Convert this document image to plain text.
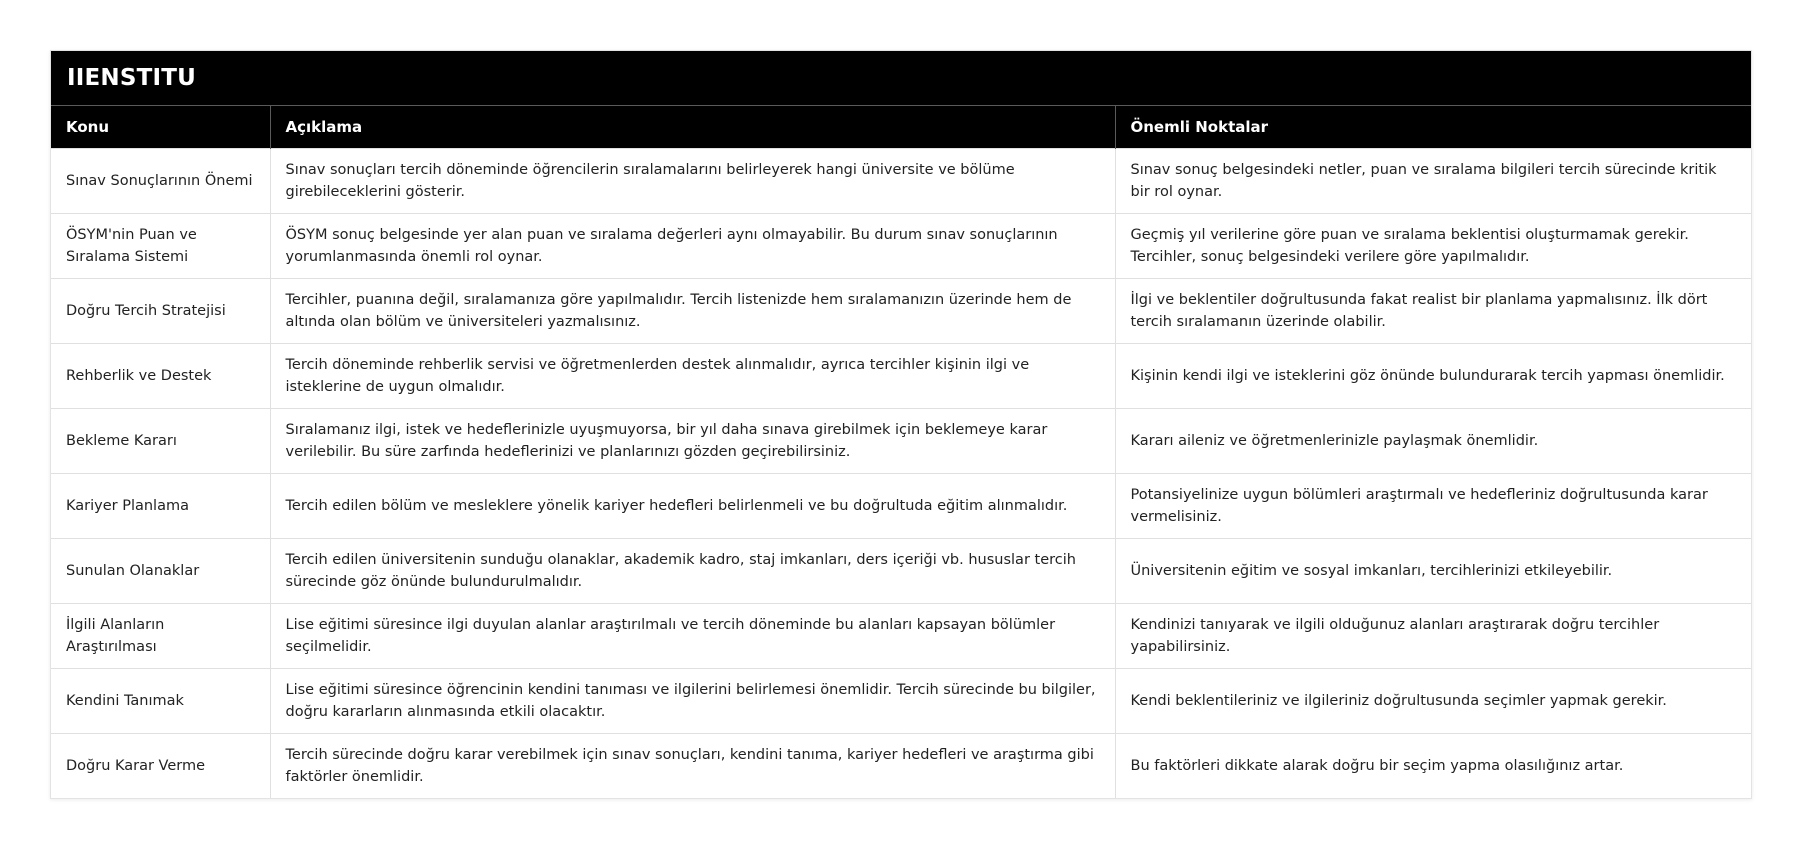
IIENSTITU
Konu	Açıklama	Önemli Noktalar
Sınav Sonuçlarının Önemi	Sınav sonuçları tercih döneminde öğrencilerin sıralamalarını belirleyerek hangi üniversite ve bölüme girebileceklerini gösterir.	Sınav sonuç belgesindeki netler, puan ve sıralama bilgileri tercih sürecinde kritik bir rol oynar.
ÖSYM'nin Puan ve Sıralama Sistemi	ÖSYM sonuç belgesinde yer alan puan ve sıralama değerleri aynı olmayabilir. Bu durum sınav sonuçlarının yorumlanmasında önemli rol oynar.	Geçmiş yıl verilerine göre puan ve sıralama beklentisi oluşturmamak gerekir. Tercihler, sonuç belgesindeki verilere göre yapılmalıdır.
Doğru Tercih Stratejisi	Tercihler, puanına değil, sıralamanıza göre yapılmalıdır. Tercih listenizde hem sıralamanızın üzerinde hem de altında olan bölüm ve üniversiteleri yazmalısınız.	İlgi ve beklentiler doğrultusunda fakat realist bir planlama yapmalısınız. İlk dört tercih sıralamanın üzerinde olabilir.
Rehberlik ve Destek	Tercih döneminde rehberlik servisi ve öğretmenlerden destek alınmalıdır, ayrıca tercihler kişinin ilgi ve isteklerine de uygun olmalıdır.	Kişinin kendi ilgi ve isteklerini göz önünde bulundurarak tercih yapması önemlidir.
Bekleme Kararı	Sıralamanız ilgi, istek ve hedeflerinizle uyuşmuyorsa, bir yıl daha sınava girebilmek için beklemeye karar verilebilir. Bu süre zarfında hedeflerinizi ve planlarınızı gözden geçirebilirsiniz.	Kararı aileniz ve öğretmenlerinizle paylaşmak önemlidir.
Kariyer Planlama	Tercih edilen bölüm ve mesleklere yönelik kariyer hedefleri belirlenmeli ve bu doğrultuda eğitim alınmalıdır.	Potansiyelinize uygun bölümleri araştırmalı ve hedefleriniz doğrultusunda karar vermelisiniz.
Sunulan Olanaklar	Tercih edilen üniversitenin sunduğu olanaklar, akademik kadro, staj imkanları, ders içeriği vb. hususlar tercih sürecinde göz önünde bulundurulmalıdır.	Üniversitenin eğitim ve sosyal imkanları, tercihlerinizi etkileyebilir.
İlgili Alanların Araştırılması	Lise eğitimi süresince ilgi duyulan alanlar araştırılmalı ve tercih döneminde bu alanları kapsayan bölümler seçilmelidir.	Kendinizi tanıyarak ve ilgili olduğunuz alanları araştırarak doğru tercihler yapabilirsiniz.
Kendini Tanımak	Lise eğitimi süresince öğrencinin kendini tanıması ve ilgilerini belirlemesi önemlidir. Tercih sürecinde bu bilgiler, doğru kararların alınmasında etkili olacaktır.	Kendi beklentileriniz ve ilgileriniz doğrultusunda seçimler yapmak gerekir.
Doğru Karar Verme	Tercih sürecinde doğru karar verebilmek için sınav sonuçları, kendini tanıma, kariyer hedefleri ve araştırma gibi faktörler önemlidir.	Bu faktörleri dikkate alarak doğru bir seçim yapma olasılığınız artar.
